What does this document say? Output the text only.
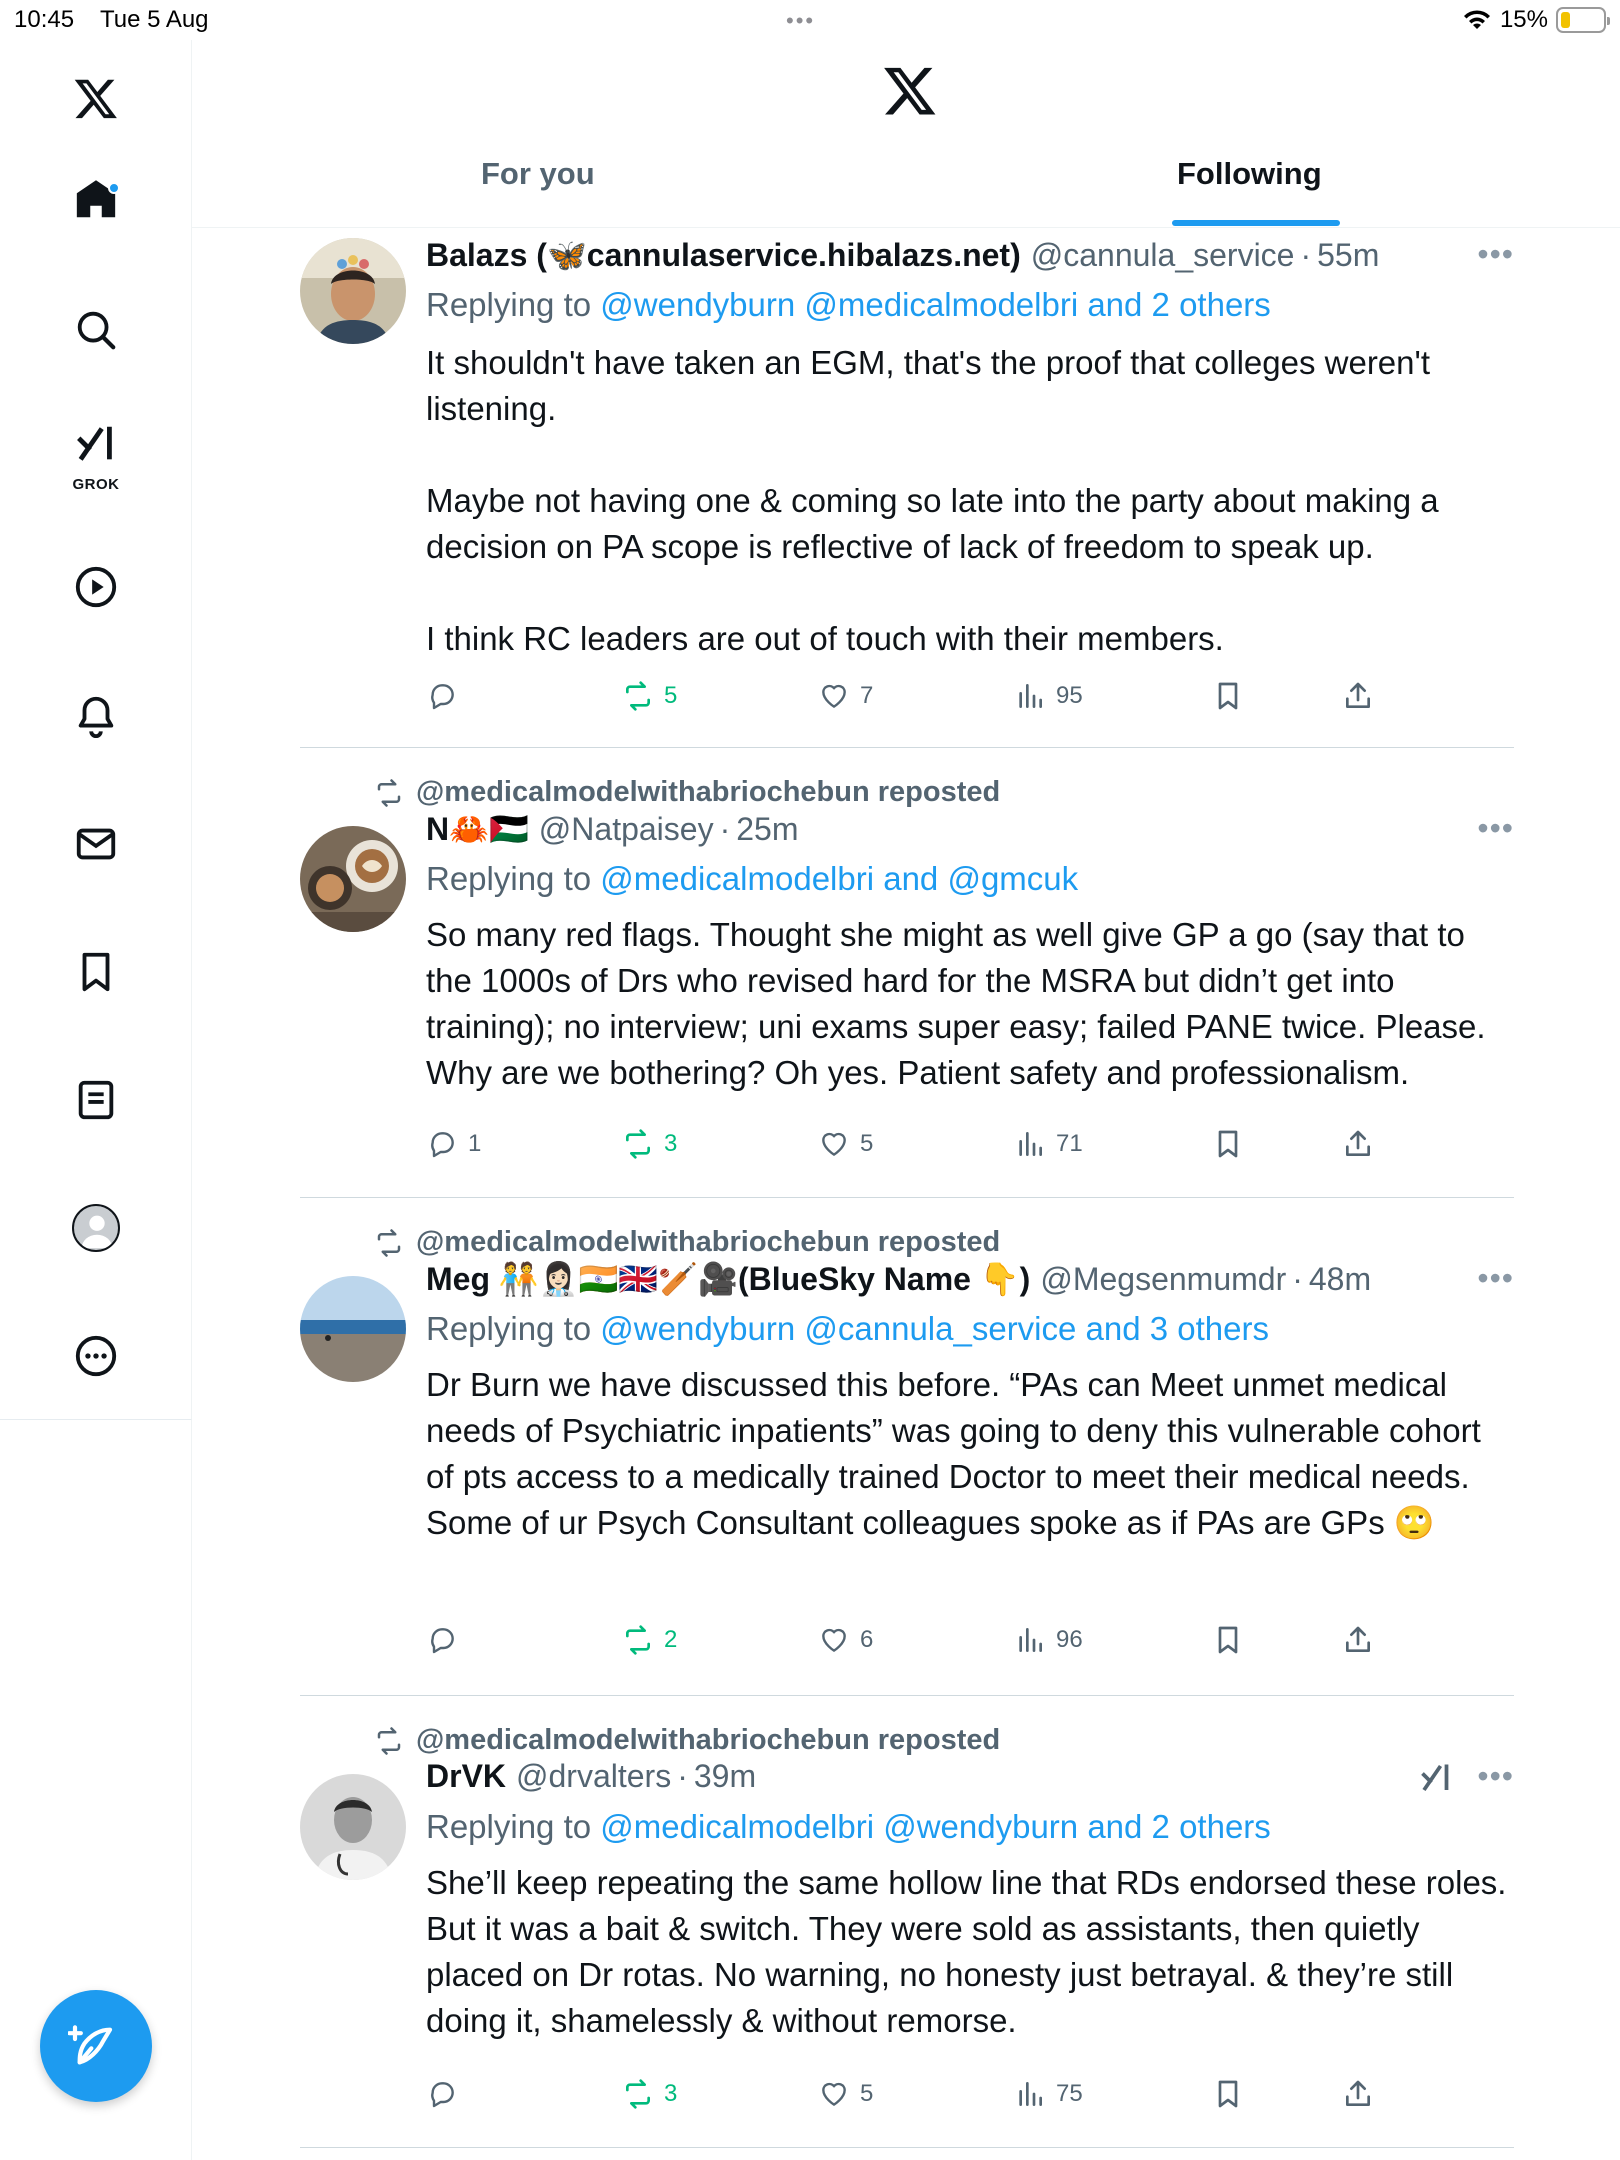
10:45 Tue 5 Aug	•••	15%
GROK
For you	Following
Balazs (🦋cannulaservice.hibalazs.net) @cannula_service · 55m	•••
Replying to @wendyburn @medicalmodelbri and 2 others
It shouldn't have taken an EGM, that's the proof that colleges weren't listening.

Maybe not having one & coming so late into the party about making a decision on PA scope is reflective of lack of freedom to speak up.

I think RC leaders are out of touch with their members.
5	7	95
@medicalmodelwithabriochebun reposted
N🦀🇵🇸 @Natpaisey · 25m	•••
Replying to @medicalmodelbri and @gmcuk
So many red flags. Thought she might as well give GP a go (say that to the 1000s of Drs who revised hard for the MSRA but didn’t get into training); no interview; uni exams super easy; failed PANE twice. Please. Why are we bothering? Oh yes. Patient safety and professionalism.
1	3	5	71
@medicalmodelwithabriochebun reposted
Meg 🧑‍🤝‍🧑👩🏻‍⚕️🇮🇳🇬🇧🏏🎥(BlueSky Name 👇) @Megsenmumdr · 48m	•••
Replying to @wendyburn @cannula_service and 3 others
Dr Burn we have discussed this before. “PAs can Meet unmet medical needs of Psychiatric inpatients” was going to deny this vulnerable cohort of pts access to a medically trained Doctor to meet their medical needs. Some of ur Psych Consultant colleagues spoke as if PAs are GPs 🙄
2	6	96
@medicalmodelwithabriochebun reposted
DrVK @drvalters · 39m	•••
Replying to @medicalmodelbri @wendyburn and 2 others
She’ll keep repeating the same hollow line that RDs endorsed these roles. But it was a bait & switch. They were sold as assistants, then quietly placed on Dr rotas. No warning, no honesty just betrayal. & they’re still doing it, shamelessly & without remorse.
3	5	75
